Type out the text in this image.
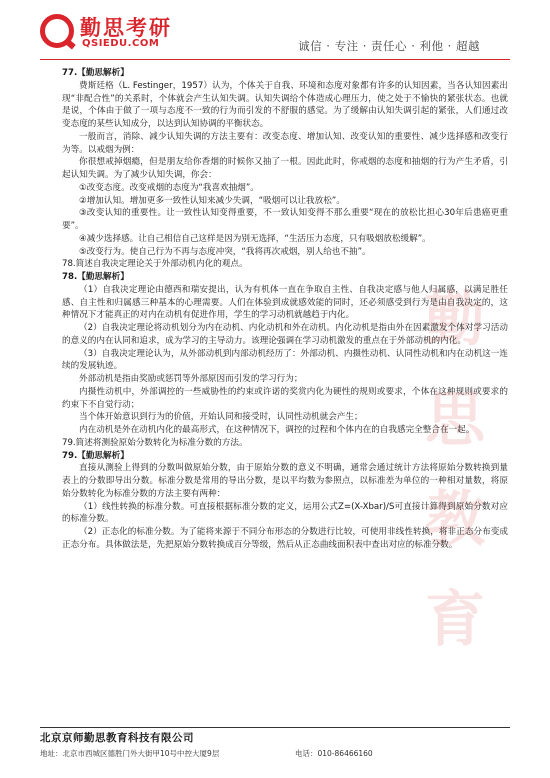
勤思考研
QSIEDU.COM	诚信 · 专注 · 责任心 · 利他 · 超越
勤
思
教
育

77.【勤思解析】

费斯廷格（L. Festinger，1957）认为，个体关于自我、环境和态度对象都有许多的认知因素，当各认知因素出现“非配合性”的关系时，个体就会产生认知失调。认知失调给个体造成心理压力，使之处于不愉快的紧张状态。也就是说，个体由于做了一项与态度不一致的行为而引发的不舒服的感觉。为了缓解由认知失调引起的紧张，人们通过改变态度的某些认知成分，以达到认知协调的平衡状态。

一般而言，消除、减少认知失调的方法主要有：改变态度、增加认知、改变认知的重要性、减少选择感和改变行为等。以戒烟为例：

你很想戒掉烟瘾，但是朋友给你香烟的时候你又抽了一根。因此此时，你戒烟的态度和抽烟的行为产生矛盾，引起认知失调。为了减少认知失调，你会：

①改变态度。改变戒烟的态度为“我喜欢抽烟”。

②增加认知。增加更多一致性认知来减少失调，“吸烟可以让我放松”。

③改变认知的重要性。让一致性认知变得重要，不一致认知变得不那么重要“现在的放松比担心30年后患癌更重要”。

④减少选择感。让自己相信自己这样是因为别无选择，“生活压力态度，只有吸烟放松缓解”。

⑤改变行为。使自己行为不再与态度冲突，“我将再次戒烟，别人给也不抽”。

78.简述自我决定理论关于外部动机内化的观点。

78.【勤思解析】

（1）自我决定理论由德西和瑞安提出，认为有机体一直在争取自主性、自我决定感与他人归属感，以满足胜任感、自主性和归属感三种基本的心理需要。人们在体验到成就感效能的同时，还必须感受到行为是由自我决定的，这种情况下才能真正的对内在动机有促进作用，学生的学习动机就越趋于内化。

（2）自我决定理论将动机划分为内在动机、内化动机和外在动机。内化动机是指由外在因素激发个体对学习活动的意义的内在认同和追求，成为学习的主导动力。该理论强调在学习动机激发的重点在于外部动机的内化。

（3）自我决定理论认为，从外部动机到内部动机经历了：外部动机、内摄性动机、认同性动机和内在动机这一连续的发展轨迹。

外部动机是指由奖励或惩罚等外部原因而引发的学习行为；

内摄性动机中，外部调控的一些威胁性的约束或许诺的奖赏内化为硬性的规则或要求，个体在这种规则或要求的约束下不自觉行动；

当个体开始意识到行为的价值，开始认同和接受时，认同性动机就会产生；

内在动机是外在动机内化的最高形式，在这种情况下，调控的过程和个体内在的自我感完全整合在一起。

79.简述将测验原始分数转化为标准分数的方法。

79.【勤思解析】

直接从测验上得到的分数叫做原始分数，由于原始分数的意义不明确，通常会通过统计方法将原始分数转换到量表上的分数即导出分数。标准分数是常用的导出分数，是以平均数为参照点，以标准差为单位的一种相对量数，将原始分数转化为标准分数的方法主要有两种：

（1）线性转换的标准分数。可直接根据标准分数的定义，运用公式Z=(X-Xbar)/S可直接计算得到原始分数对应的标准分数。

（2）正态化的标准分数。为了能将来源于不同分布形态的分数进行比较，可使用非线性转换，将非正态分布变成正态分布。具体做法是，先把原始分数转换成百分等级，然后从正态曲线面积表中查出对应的标准分数。

北京京师勤思教育科技有限公司
地址：北京市西城区德胜门外大街甲10号中控大厦9层	电话：010-86466160
